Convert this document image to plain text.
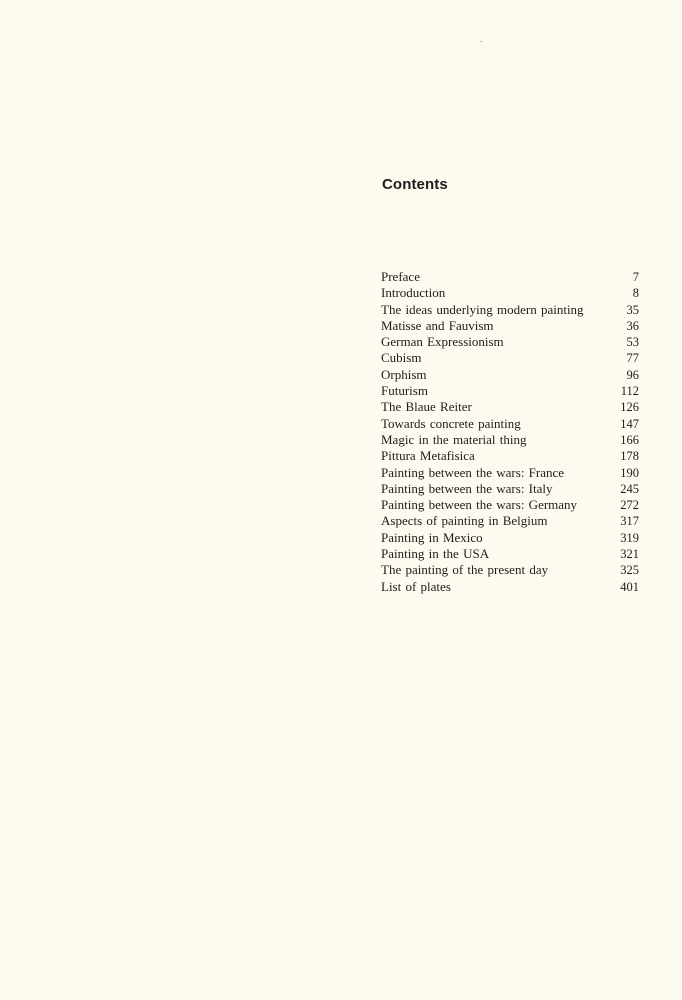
Contents
Preface	7
Introduction	8
The ideas underlying modern painting	35
Matisse and Fauvism	36
German Expressionism	53
Cubism	77
Orphism	96
Futurism	112
The Blaue Reiter	126
Towards concrete painting	147
Magic in the material thing	166
Pittura Metafisica	178
Painting between the wars: France	190
Painting between the wars: Italy	245
Painting between the wars: Germany	272
Aspects of painting in Belgium	317
Painting in Mexico	319
Painting in the USA	321
The painting of the present day	325
List of plates	401
